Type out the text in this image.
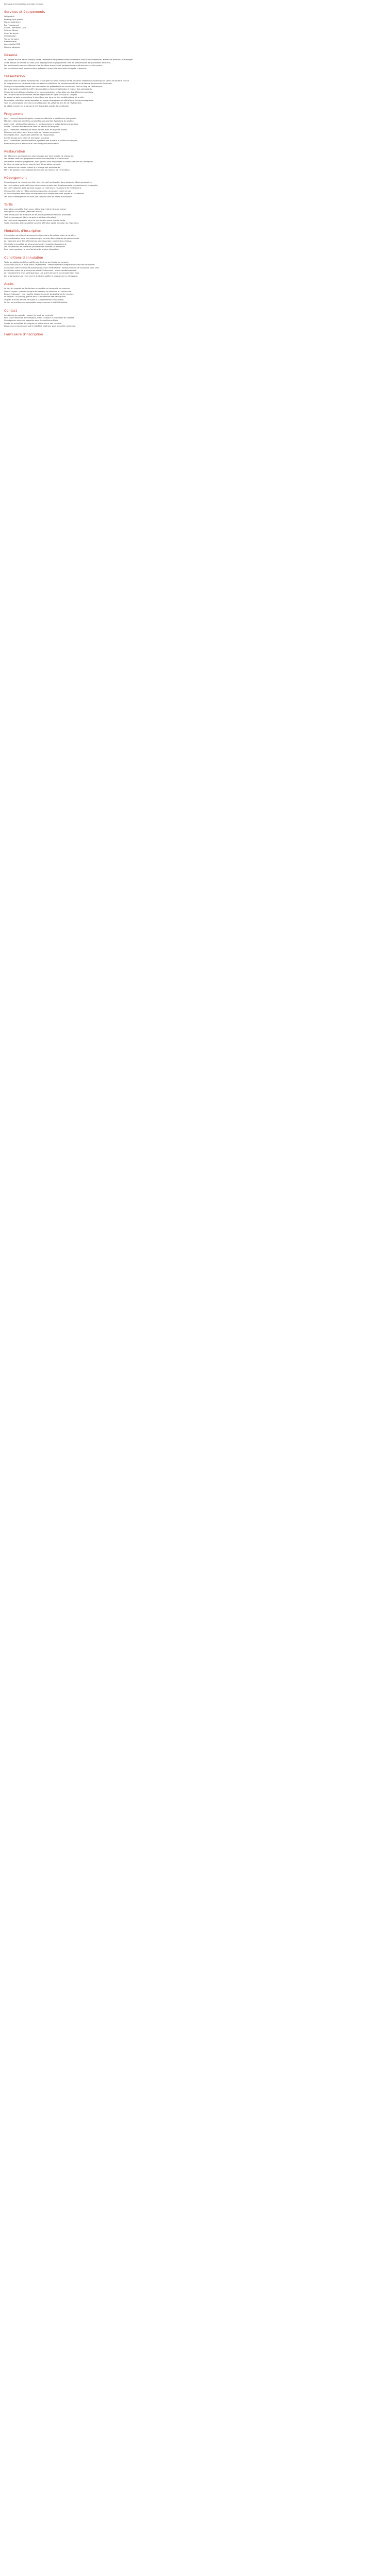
Formulaire d'inscription à remplir en ligne.
Services et équipements
Wifi gratuit
Parking privé gratuit
Piscine extérieure
Bar / restaurant
Sauna - hammam - spa
Salle de fitness
Court de tennis
Climatisation
Terrain de sport
Blanchisserie
Accessibilité PMR
Navette aéroport
Résumé
Le Congrès annuel réunit chaque année l'ensemble des professionnels du secteur autour de conférences, ateliers et moments d'échanges.
Cette édition se tiendra sur trois jours et proposera un programme riche en interventions de spécialistes reconnus.
Les participants pourront découvrir les dernières avancées et partager leurs expériences avec leurs pairs.
Les inscriptions sont ouvertes dès à présent et jusqu'à la date limite indiquée ci-dessous.
Présentation
Organisé dans un cadre exceptionnel, le Congrès accueille chaque année plusieurs centaines de participants venus de toute la France.
Le programme est construit autour de séances plénières, de sessions parallèles et de temps de rencontre informels.
Un espace exposants permet aux partenaires de présenter leurs nouveautés tout au long de l'événement.
Les organisateurs veillent à offrir des conditions d'accueil optimales à chacun des participants.
Un comité scientifique sélectionne les communications présentées lors des différentes sessions.
Les résumés des interventions seront disponibles en ligne à l'issue du congrès.
La soirée de gala se déroulera le deuxième jour dans un lieu emblématique de la ville.
Des visites culturelles sont proposées en marge du programme officiel pour les accompagnants.
Tous les participants recevront une attestation de présence à la fin de l'événement.
Le détail complet du programme est disponible auprès du secrétariat.
Programme
Jour 1 : accueil des participants, ouverture officielle et conférence inaugurale.
Matinée : séances plénières consacrées aux grandes évolutions du secteur.
Après-midi : ateliers thématiques en petits groupes et présentations de posters.
Soirée : cocktail de bienvenue dans les salons de réception.
Jour 2 : sessions parallèles et tables rondes avec les experts invités.
Déjeuner sur place, suivi d'une visite de l'espace exposants.
Fin d'après-midi : assemblée générale de l'association.
Soirée de gala avec dîner et animation musicale.
Jour 3 : dernières communications, synthèse des travaux et clôture du congrès.
Remise des prix et annonce du lieu de la prochaine édition.
Restauration
Les déjeuners sont servis sur place chaque jour dans la salle de restaurant.
Les pauses café sont proposées en milieu de matinée et d'après-midi.
Des menus adaptés (végétarien, sans gluten) sont disponibles sur demande lors de l'inscription.
Le dîner de gala est inclus dans le tarif d'inscription complet.
Les boissons hors repas restent à la charge des participants.
Merci de signaler toute allergie alimentaire au moment de l'inscription.
Hébergement
Un contingent de chambres a été réservé à tarif préférentiel dans plusieurs hôtels partenaires.
Les réservations sont à effectuer directement auprès des établissements en mentionnant le congrès.
Les tarifs négociés sont garantis jusqu'à un mois avant l'ouverture de l'événement.
Une navette relie les hôtels partenaires au lieu du congrès matin et soir.
La liste complète des hôtels est disponible sur simple demande auprès du secrétariat.
Les frais d'hébergement ne sont pas compris dans les droits d'inscription.
Tarifs
Inscription complète (trois jours, déjeuners et dîner de gala inclus).
Inscription à la journée (déjeuner inclus).
Tarif réduit pour les étudiants et les jeunes professionnels sur justificatif.
Tarif accompagnant (dîner de gala et visites culturelles).
Les tarifs sont dégressifs pour les inscriptions avant la date limite.
Toute inscription est considérée comme définitive après réception du règlement.
Modalités d'inscription
L'inscription se fait exclusivement en ligne via le formulaire prévu à cet effet.
Une confirmation vous sera adressée par courriel dès validation de votre dossier.
Le règlement peut être effectué par carte bancaire, virement ou chèque.
Une facture acquittée sera transmise après réception du paiement.
Les conventions de formation peuvent être établies sur demande.
Pour toute question, le secrétariat reste à votre disposition.
Conditions d'annulation
Toute annulation doit être notifiée par écrit au secrétariat du congrès.
Annulation plus d'un mois avant l'événement : remboursement intégral moins les frais de dossier.
Annulation entre un mois et quinze jours avant l'événement : remboursement de cinquante pour cent.
Annulation moins de quinze jours avant l'événement : aucun remboursement.
Le remplacement d'un participant par une autre personne est accepté sans frais.
Les organisateurs se réservent le droit de modifier le programme si nécessaire.
Accès
Le lieu du congrès est facilement accessible en transports en commun.
Depuis la gare : prendre la ligne de tramway en direction du centre-ville.
Depuis l'aéroport : une navette dessert le centre toutes les trente minutes.
En voiture : un parking gratuit est à la disposition des participants.
Un plan d'accès détaillé sera joint à la confirmation d'inscription.
Le lieu est entièrement accessible aux personnes à mobilité réduite.
Contact
Secrétariat du congrès - ouvert du lundi au vendredi.
Pour toute demande d'information, merci d'utiliser le formulaire de contact.
Une réponse vous sera apportée dans les meilleurs délais.
Suivez les actualités du congrès sur notre site et nos réseaux.
Nous vous remercions de votre intérêt et espérons vous accueillir nombreux.
Formulaire d'inscription
